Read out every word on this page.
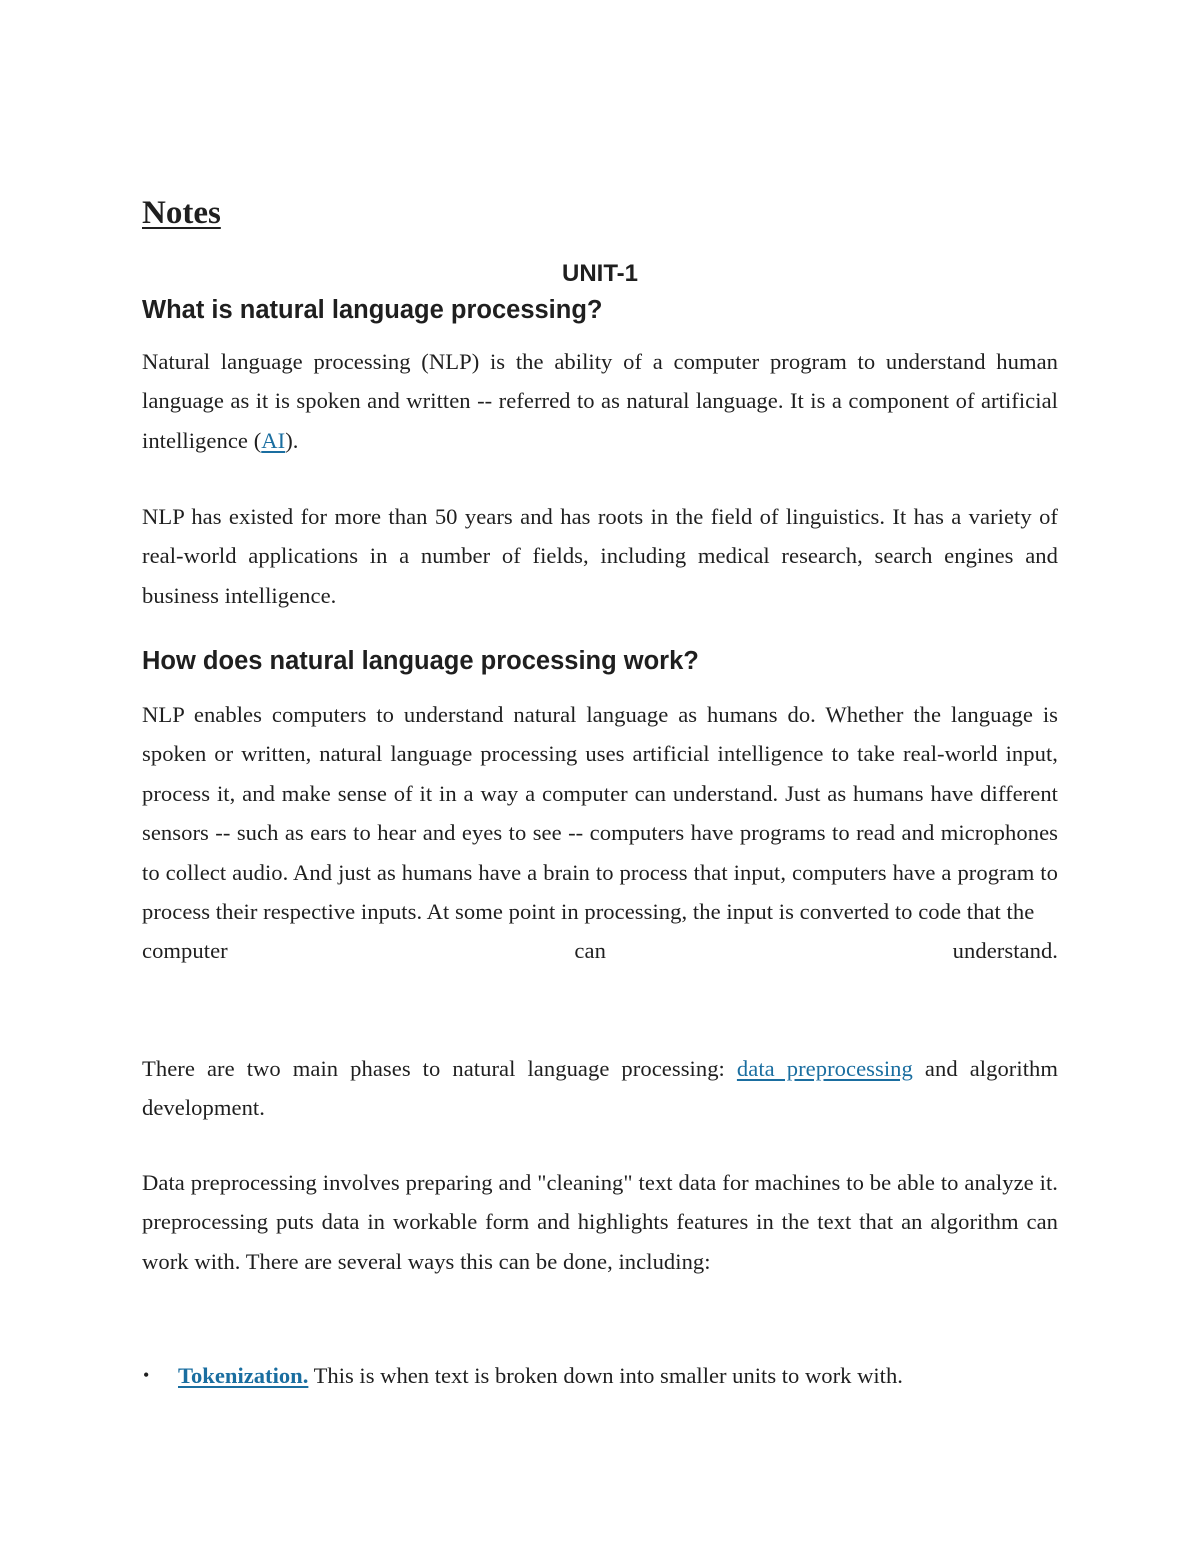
Notes
UNIT-1
What is natural language processing?

Natural language processing (NLP) is the ability of a computer program to understand human language as it is spoken and written -- referred to as natural language. It is a component of artificial intelligence (AI).

NLP has existed for more than 50 years and has roots in the field of linguistics. It has a variety of real-world applications in a number of fields, including medical research, search engines and business intelligence.

How does natural language processing work?

NLP enables computers to understand natural language as humans do. Whether the language is spoken or written, natural language processing uses artificial intelligence to take real-world input, process it, and make sense of it in a way a computer can understand. Just as humans have different sensors -- such as ears to hear and eyes to see -- computers have programs to read and microphones to collect audio. And just as humans have a brain to process that input, computers have a program to process their respective inputs. At some point in processing, the input is converted to code that the
computer can understand.

There are two main phases to natural language processing: data preprocessing and algorithm development.

Data preprocessing involves preparing and "cleaning" text data for machines to be able to analyze it. preprocessing puts data in workable form and highlights features in the text that an algorithm can work with. There are several ways this can be done, including:

• Tokenization. This is when text is broken down into smaller units to work with.
